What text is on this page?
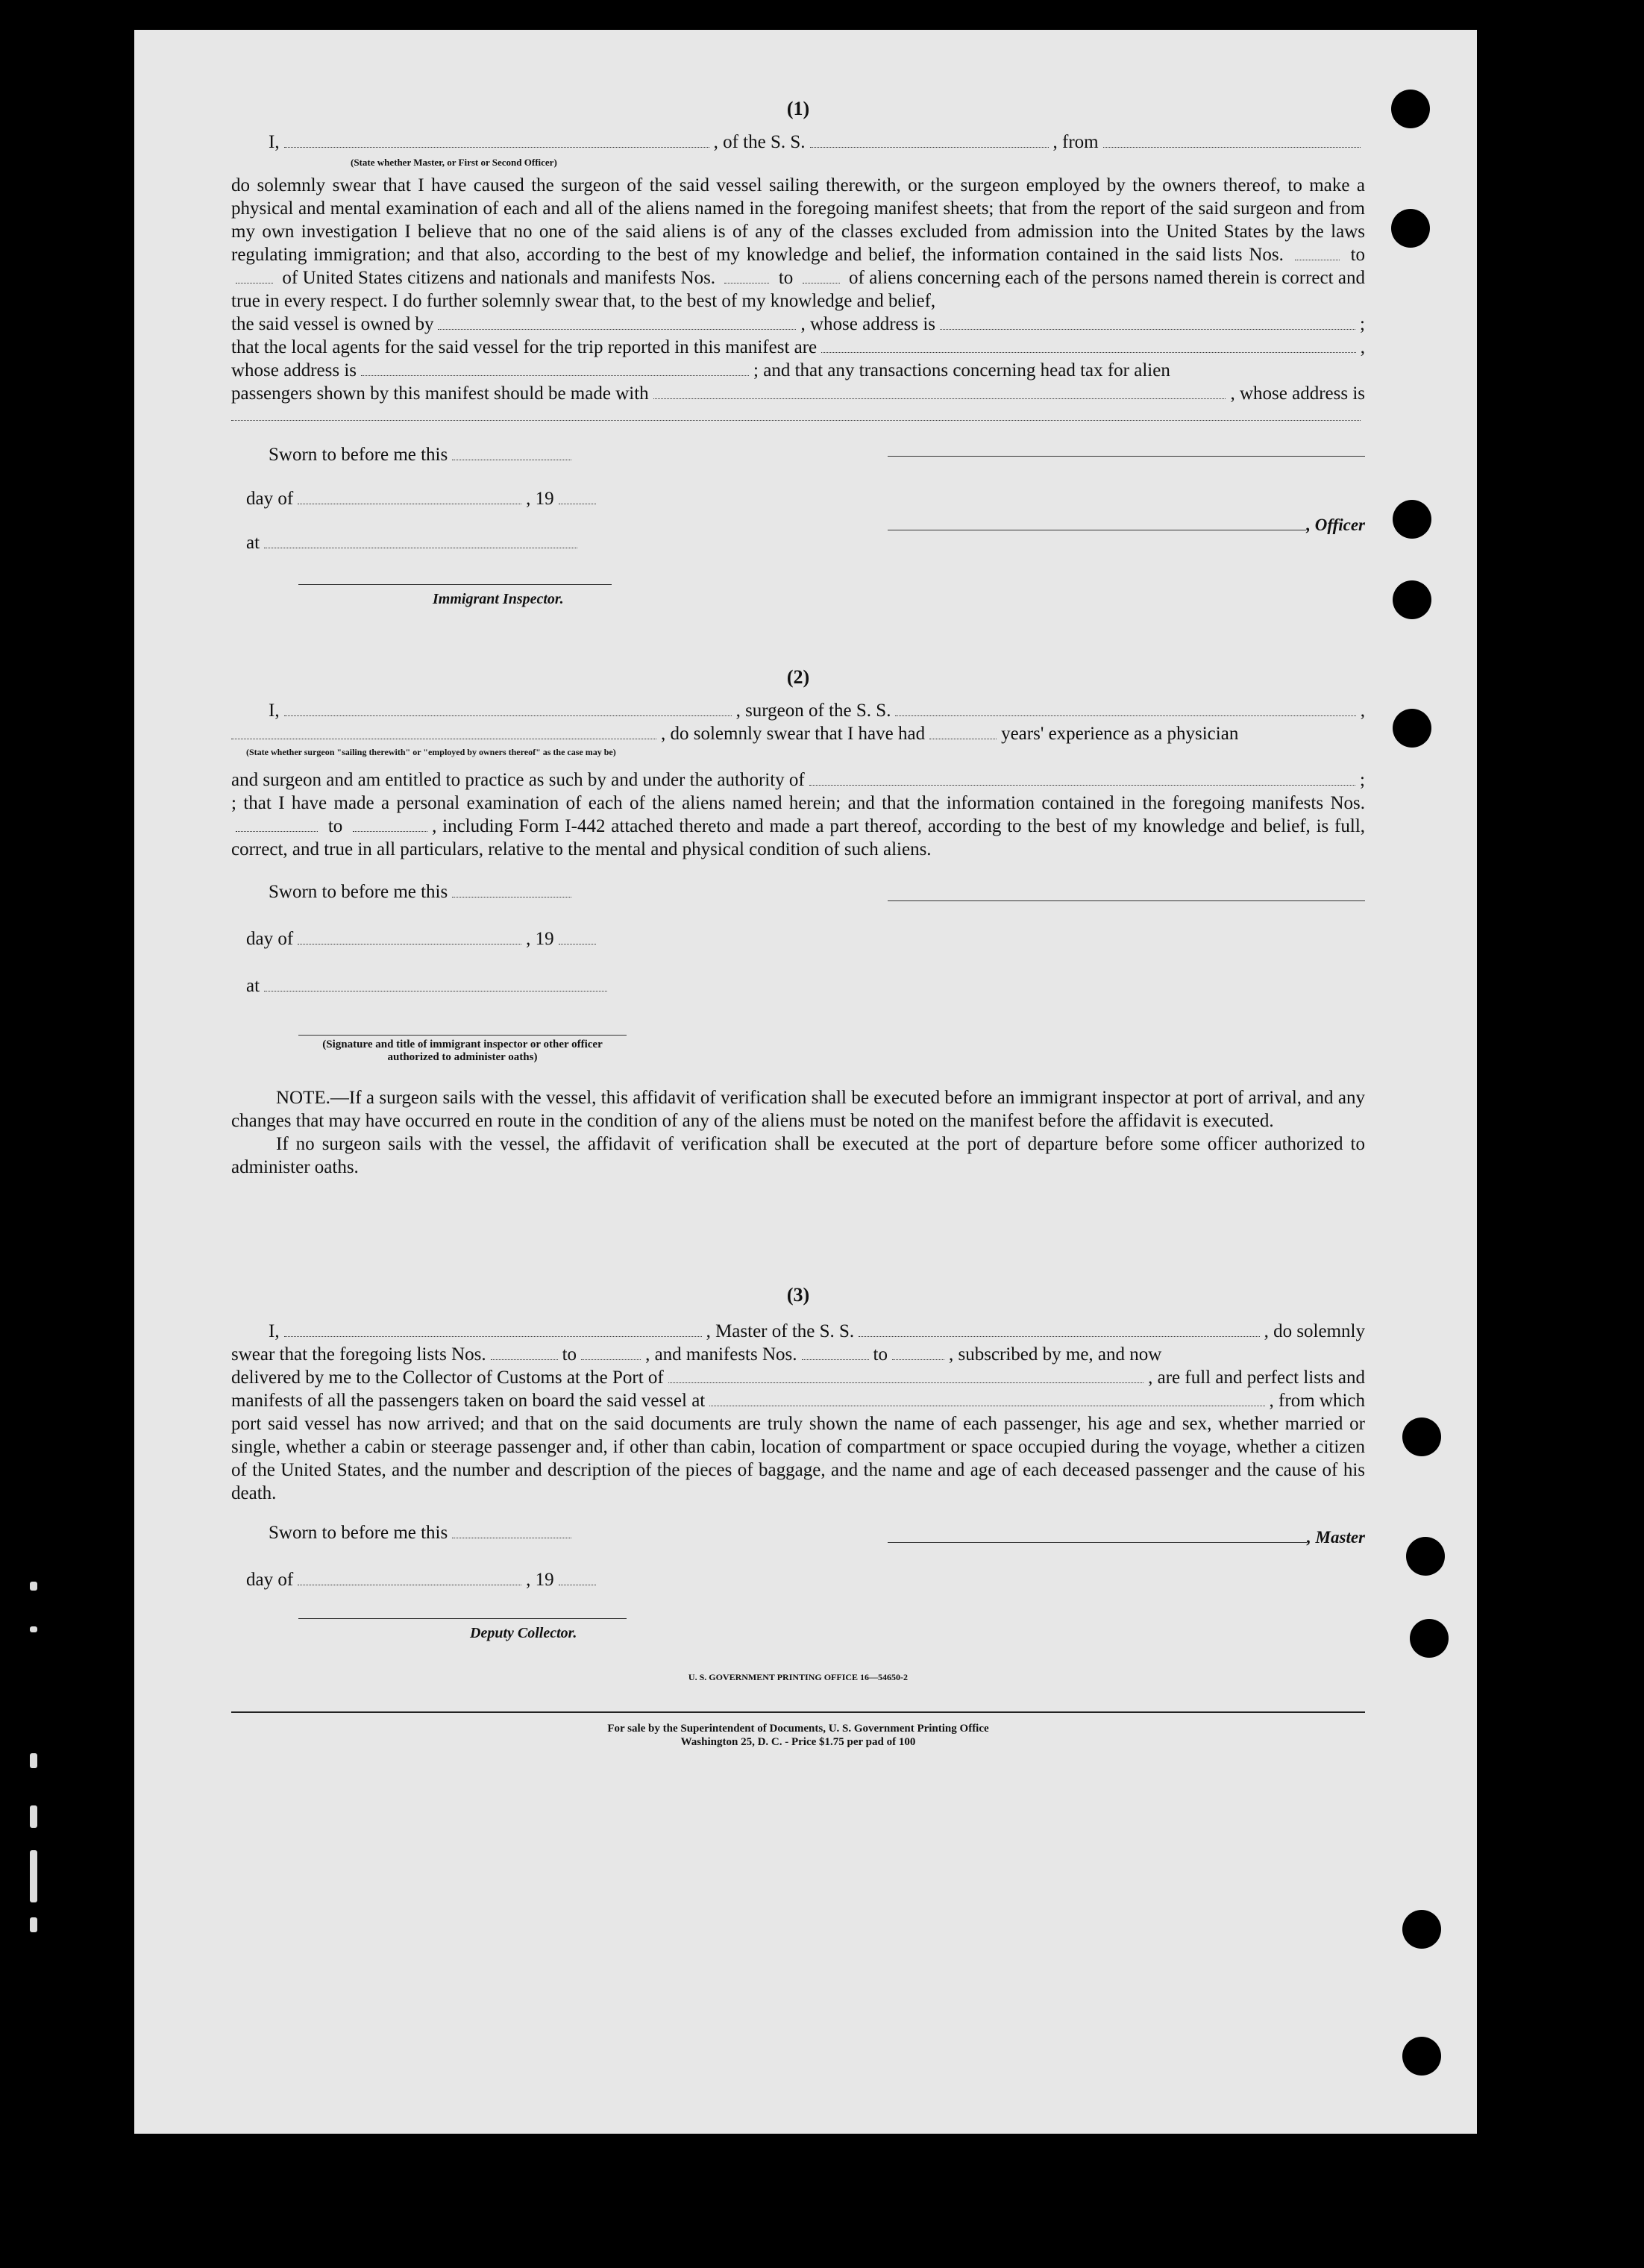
(1)
I,	, of the S. S.	, from
(State whether Master, or First or Second Officer)

do solemnly swear that I have caused the surgeon of the said vessel sailing therewith, or the surgeon employed by the owners thereof, to make a physical and mental examination of each and all of the aliens named in the foregoing manifest sheets; that from the report of the said surgeon and from my own investigation I believe that no one of the said aliens is of any of the classes excluded from admission into the United States by the laws regulating immigration; and that also, according to the best of my knowledge and belief, the information contained in the said lists Nos.	to  of United States citizens and nationals and manifests Nos.	to	of aliens concerning each of the persons named therein is correct and true in every respect. I do further solemnly swear that, to the best of my knowledge and belief,

the said vessel is owned by	, whose address is	;
that the local agents for the said vessel for the trip reported in this manifest are	,
whose address is	; and that any transactions concerning head tax for alien
passengers shown by this manifest should be made with	, whose address is
Sworn to before me this
day of	, 19
at
Immigrant Inspector.
, Officer
(2)
I,	, surgeon of the S. S.	,
, do solemnly swear that I have had	years' experience as a physician
(State whether surgeon "sailing therewith" or "employed by owners thereof" as the case may be)
and surgeon and am entitled to practice as such by and under the authority of	;

; that I have made a personal examination of each of the aliens named herein; and that the information contained in the foregoing manifests Nos.  to	, including Form I-442 attached thereto and made a part thereof, according to the best of my knowledge and belief, is full, correct, and true in all particulars, relative to the mental and physical condition of such aliens.

Sworn to before me this
day of	, 19
at
(Signature and title of immigrant inspector or other officer authorized to administer oaths)

NOTE.—If a surgeon sails with the vessel, this affidavit of verification shall be executed before an immigrant inspector at port of arrival, and any changes that may have occurred en route in the condition of any of the aliens must be noted on the manifest before the affidavit is executed.

If no surgeon sails with the vessel, the affidavit of verification shall be executed at the port of departure before some officer authorized to administer oaths.

(3)
I,	, Master of the S. S.	, do solemnly
swear that the foregoing lists Nos.	to	, and manifests Nos.	to	, subscribed by me, and now
delivered by me to the Collector of Customs at the Port of	, are full and perfect lists and
manifests of all the passengers taken on board the said vessel at	, from which

port said vessel has now arrived; and that on the said documents are truly shown the name of each passenger, his age and sex, whether married or single, whether a cabin or steerage passenger and, if other than cabin, location of compartment or space occupied during the voyage, whether a citizen of the United States, and the number and description of the pieces of baggage, and the name and age of each deceased passenger and the cause of his death.

Sworn to before me this
day of	, 19
Deputy Collector.
, Master
U. S. GOVERNMENT PRINTING OFFICE 16—54650-2
For sale by the Superintendent of Documents, U. S. Government Printing Office
Washington 25, D. C. - Price $1.75 per pad of 100
